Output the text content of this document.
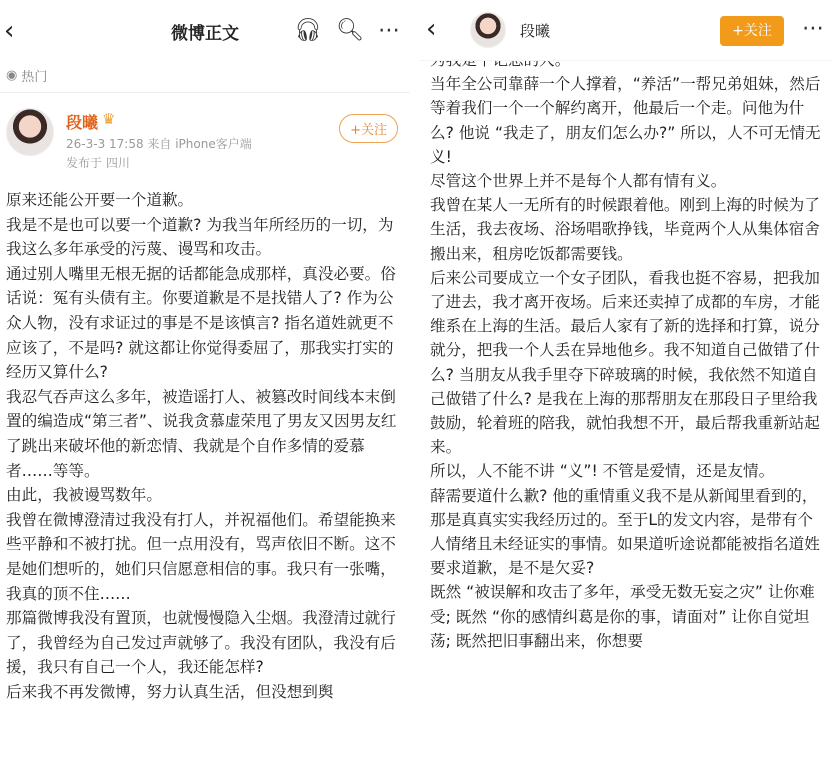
‹	微博正文	🎧︎ 🔍︎ ⋯
◉ 热门
段曦 ♛
26-3-3 17:58 来自 iPhone客户端
发布于 四川
+关注

原来还能公开要一个道歉。

我是不是也可以要一个道歉? 为我当年所经历的一切，为我这么多年承受的污蔑、谩骂和攻击。

通过别人嘴里无根无据的话都能急成那样，真没必要。俗话说：冤有头债有主。你要道歉是不是找错人了? 作为公众人物，没有求证过的事是不是该慎言? 指名道姓就更不应该了，不是吗? 就这都让你觉得委屈了，那我实打实的经历又算什么?

我忍气吞声这么多年，被造谣打人、被篡改时间线本末倒置的编造成“第三者”、说我贪慕虚荣甩了男友又因男友红了跳出来破坏他的新恋情、我就是个自作多情的爱慕者……等等。

由此，我被谩骂数年。

我曾在微博澄清过我没有打人，并祝福他们。希望能换来些平静和不被打扰。但一点用没有，骂声依旧不断。这不是她们想听的，她们只信愿意相信的事。我只有一张嘴，我真的顶不住……

那篇微博我没有置顶，也就慢慢隐入尘烟。我澄清过就行了，我曾经为自己发过声就够了。我没有团队，我没有后援，我只有自己一个人，我还能怎样?

后来我不再发微博，努力认真生活，但没想到舆

当年全公司靠薛一个人撑着，“养活”一帮兄弟姐妹，然后等着我们一个一个解约离开，他最后一个走。问他为什么? 他说 “我走了，朋友们怎么办?” 所以，人不可无情无义!

尽管这个世界上并不是每个人都有情有义。

我曾在某人一无所有的时候跟着他。刚到上海的时候为了生活，我去夜场、浴场唱歌挣钱，毕竟两个人从集体宿舍搬出来，租房吃饭都需要钱。

后来公司要成立一个女子团队，看我也挺不容易，把我加了进去，我才离开夜场。后来还卖掉了成都的车房，才能维系在上海的生活。最后人家有了新的选择和打算，说分就分，把我一个人丢在异地他乡。我不知道自己做错了什么? 当朋友从我手里夺下碎玻璃的时候，我依然不知道自己做错了什么? 是我在上海的那帮朋友在那段日子里给我鼓励，轮着班的陪我，就怕我想不开，最后帮我重新站起来。

所以，人不能不讲 “义”! 不管是爱情，还是友情。

薛需要道什么歉? 他的重情重义我不是从新闻里看到的，那是真真实实我经历过的。至于L的发文内容，是带有个人情绪且未经证实的事情。如果道听途说都能被指名道姓要求道歉，是不是欠妥?

既然 “被误解和攻击了多年，承受无数无妄之灾” 让你难受; 既然 “你的感情纠葛是你的事，请面对” 让你自觉坦荡; 既然把旧事翻出来，你想要

‹	段曦	+关注	⋯
